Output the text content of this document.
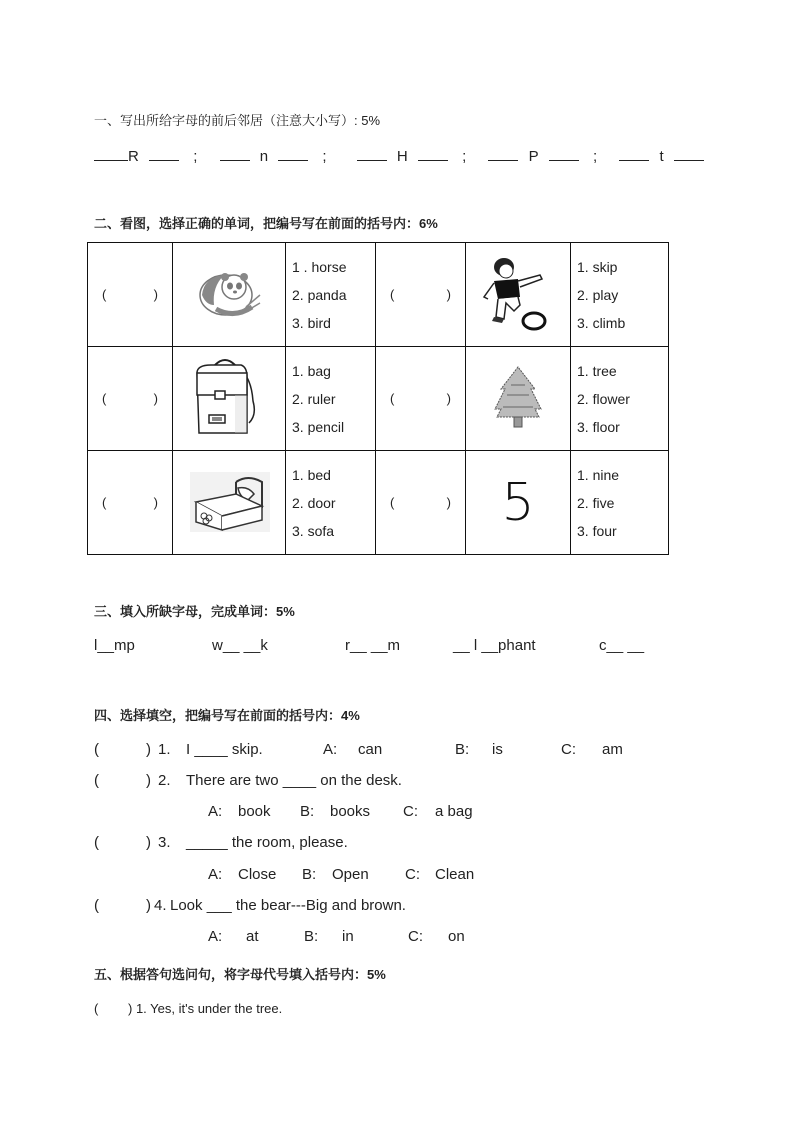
一、写出所给字母的前后邻居（注意大小写）: 5%
R	;	n	;	H	;	P	;	t
二、看图，选择正确的单词，把编号写在前面的括号内：6%
( )		1 . horse
2. panda
3. bird	( )		1. skip
2. play
3. climb

( )		1. bag
2. ruler
3. pencil	( )		1. tree
2. flower
3. floor

( )		1. bed
2. door
3. sofa	( )	5	1. nine
2. five
3. four
三、填入所缺字母，完成单词：5%
l__mp	w__ __k	r__ __m	__ l __phant	c__ __
四、选择填空，把编号写在前面的括号内：4%
(	) 1. I ____ skip.	A: can	B: is	C: am
(	) 2. There are two ____ on the desk.
A: book B: books C: a bag
(	) 3. _____ the room, please.
A: Close B: Open C: Clean
(	) 4. Look ___ the bear---Big and brown.
A: at	B: in	C: on
五、根据答句选问句，将字母代号填入括号内：5%
( ) 1. Yes, it's under the tree.
